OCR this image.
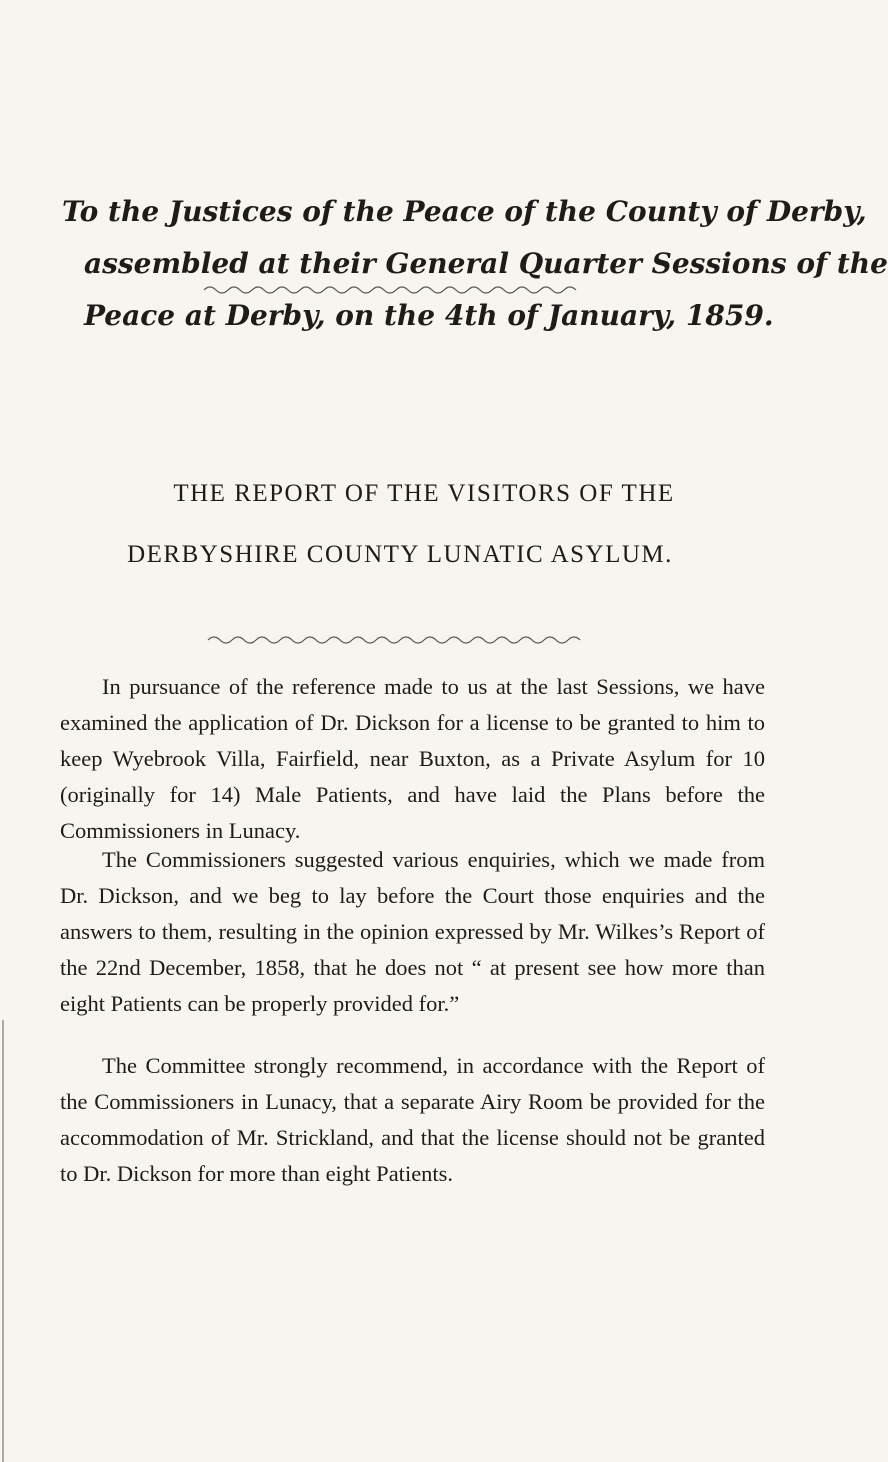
To the Justices of the Peace of the County of Derby,
assembled at their General Quarter Sessions of the
Peace at Derby, on the 4th of January, 1859.
THE REPORT OF THE VISITORS OF THE
DERBYSHIRE COUNTY LUNATIC ASYLUM.

In pursuance of the reference made to us at the last Sessions, we have examined the application of Dr. Dickson for a license to be granted to him to keep Wyebrook Villa, Fairfield, near Buxton, as a Private Asylum for 10 (originally for 14) Male Patients, and have laid the Plans before the Commissioners in Lunacy.

The Commissioners suggested various enquiries, which we made from Dr. Dickson, and we beg to lay before the Court those enquiries and the answers to them, resulting in the opinion expressed by Mr. Wilkes’s Report of the 22nd December, 1858, that he does not “ at present see how more than eight Patients can be properly provided for.”

The Committee strongly recommend, in accordance with the Report of the Commissioners in Lunacy, that a separate Airy Room be provided for the accommodation of Mr. Strickland, and that the license should not be granted to Dr. Dickson for more than eight Patients.
